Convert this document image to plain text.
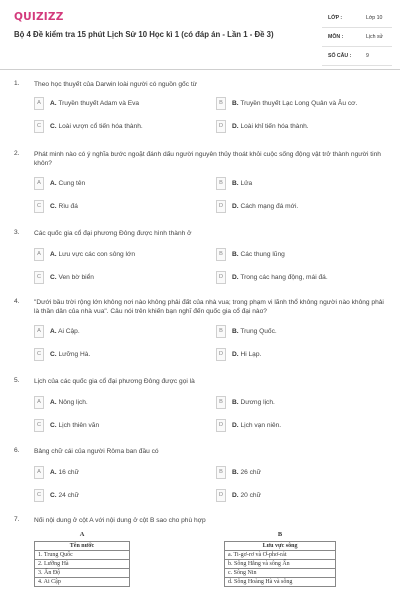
QUIZIZZ
Bộ 4 Đề kiểm tra 15 phút Lịch Sử 10 Học kì 1 (có đáp án - Lần 1 - Đề 3)
LỚP :	Lớp 10
MÔN :	Lịch sử
SỐ CÂU :	9
1. Theo học thuyết của Darwin loài người có nguồn gốc từ
A	A. Truyền thuyết Adam và Eva	B	B. Truyền thuyết Lạc Long Quân và Âu cơ.
C	C. Loài vượn cổ tiến hóa thành.	D	D. Loài khỉ tiến hóa thành.
2. Phát minh nào có ý nghĩa bước ngoặt đánh dấu người nguyên thủy thoát khỏi cuộc sống động vật trở thành người tinh khôn?
A	A. Cung tên	B	B. Lửa
C	C. Rìu đá	D	D. Cách mạng đá mới.
3. Các quốc gia cổ đại phương Đông được hình thành ở
A	A. Lưu vực các con sông lớn	B	B. Các thung lũng
C	C. Ven bờ biển	D	D. Trong các hang động, mái đá.
4. "Dưới bầu trời rộng lớn không nơi nào không phải đất của nhà vua; trong phạm vi lãnh thổ không người nào không phải là thần dân của nhà vua". Câu nói trên khiến bạn nghĩ đến quốc gia cổ đại nào?
A	A. Ai Cập.	B	B. Trung Quốc.
C	C. Lưỡng Hà.	D	D. Hi Lạp.
5. Lịch của các quốc gia cổ đại phương Đông được gọi là
A	A. Nông lịch.	B	B. Dương lịch.
C	C. Lịch thiên văn	D	D. Lịch vạn niên.
6. Bảng chữ cái của người Rôma ban đầu có
A	A. 16 chữ	B	B. 26 chữ
C	C. 24 chữ	D	D. 20 chữ
7. Nối nội dung ở cột A với nội dung ở cột B sao cho phù hợp
A	B
Tên nước
1. Trung Quốc
2. Lưỡng Hà
3. Ấn Độ
4. Ai Cập
Lưu vực sông
a. Ti-gơ-rơ và Ơ-phơ-rát
b. Sông Hằng và sông Ấn
c. Sông Nin
d. Sông Hoàng Hà và sông
